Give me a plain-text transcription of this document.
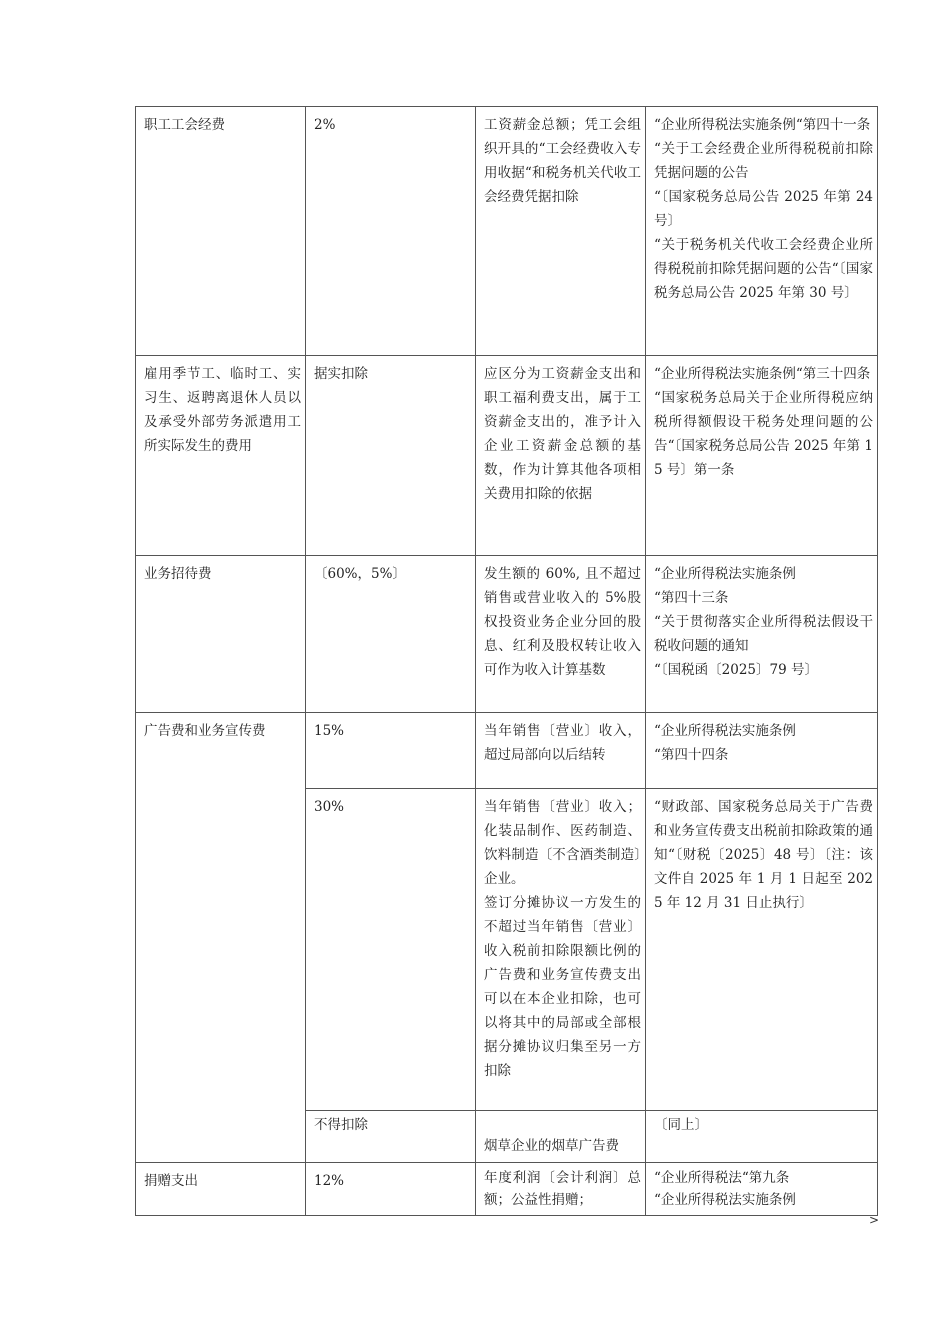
职工工会经费	2%	工资薪金总额；凭工会组织开具的“工会经费收入专用收据“和税务机关代收工会经费凭据扣除	“企业所得税法实施条例“第四十一条
“关于工会经费企业所得税税前扣除凭据问题的公告
“〔国家税务总局公告 2025 年第 24 号〕
“关于税务机关代收工会经费企业所得税税前扣除凭据问题的公告“〔国家税务总局公告 2025 年第 30 号〕

雇用季节工、临时工、实习生、返聘离退休人员以及承受外部劳务派遣用工所实际发生的费用	据实扣除	应区分为工资薪金支出和职工福利费支出，属于工资薪金支出的，准予计入企业工资薪金总额的基数，作为计算其他各项相关费用扣除的依据	“企业所得税法实施条例“第三十四条
“国家税务总局关于企业所得税应纳税所得额假设干税务处理问题的公告“〔国家税务总局公告 2025 年第 15 号〕第一条

业务招待费	〔60%，5%〕	发生额的 60%, 且不超过销售或营业收入的 5%股权投资业务企业分回的股息、红利及股权转让收入可作为收入计算基数	“企业所得税法实施条例
“第四十三条
“关于贯彻落实企业所得税法假设干税收问题的通知
“〔国税函〔2025〕79 号〕

广告费和业务宣传费	15%	当年销售〔营业〕收入，超过局部向以后结转	“企业所得税法实施条例
“第四十四条

	30%	当年销售〔营业〕收入；化装品制作、医药制造、饮料制造〔不含酒类制造〕企业。
签订分摊协议一方发生的不超过当年销售〔营业〕收入税前扣除限额比例的广告费和业务宣传费支出可以在本企业扣除，也可以将其中的局部或全部根据分摊协议归集至另一方扣除	“财政部、国家税务总局关于广告费和业务宣传费支出税前扣除政策的通知“〔财税〔2025〕48 号〕〔注：该文件自 2025 年 1 月 1 日起至 2025 年 12 月 31 日止执行〕

	不得扣除	烟草企业的烟草广告费	〔同上〕

捐赠支出	12%	年度利润〔会计利润〕总额；公益性捐赠；	“企业所得税法“第九条
“企业所得税法实施条例
>
